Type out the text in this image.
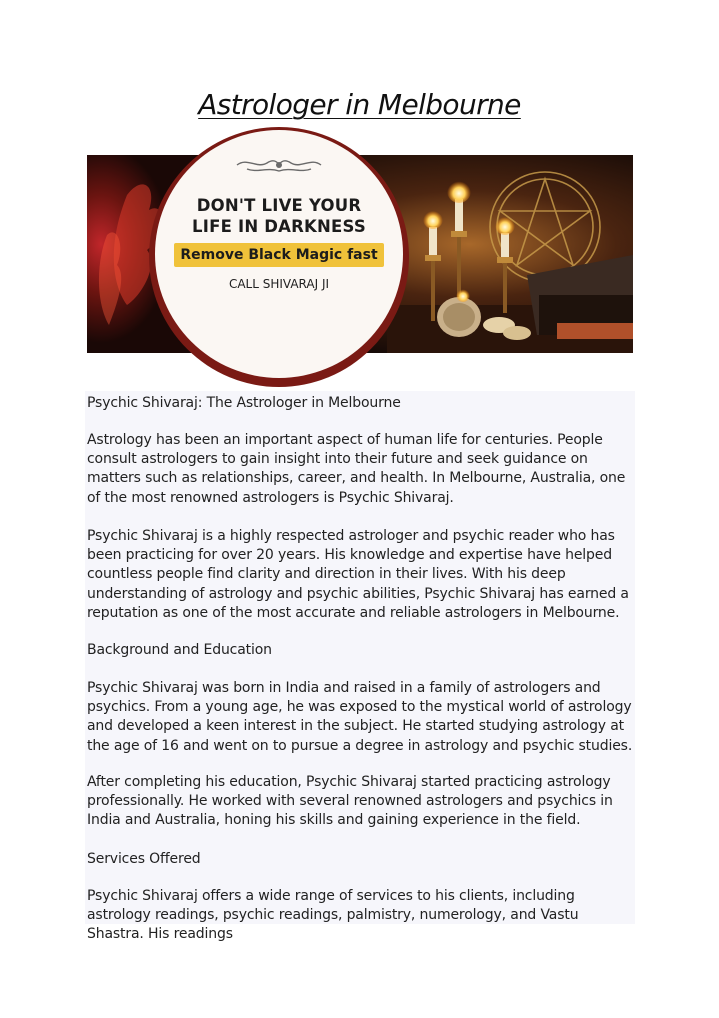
Astrologer in Melbourne
DON'T LIVE YOUR
LIFE IN DARKNESS
Remove Black Magic fast
CALL SHIVARAJ JI

Psychic Shivaraj: The Astrologer in Melbourne

Astrology has been an important aspect of human life for centuries. People consult astrologers to gain insight into their future and seek guidance on matters such as relationships, career, and health. In Melbourne, Australia, one of the most renowned astrologers is Psychic Shivaraj.

Psychic Shivaraj is a highly respected astrologer and psychic reader who has been practicing for over 20 years. His knowledge and expertise have helped countless people find clarity and direction in their lives. With his deep understanding of astrology and psychic abilities, Psychic Shivaraj has earned a reputation as one of the most accurate and reliable astrologers in Melbourne.

Background and Education

Psychic Shivaraj was born in India and raised in a family of astrologers and psychics. From a young age, he was exposed to the mystical world of astrology and developed a keen interest in the subject. He started studying astrology at the age of 16 and went on to pursue a degree in astrology and psychic studies.

After completing his education, Psychic Shivaraj started practicing astrology professionally. He worked with several renowned astrologers and psychics in India and Australia, honing his skills and gaining experience in the field.

Services Offered

Psychic Shivaraj offers a wide range of services to his clients, including astrology readings, psychic readings, palmistry, numerology, and Vastu Shastra. His readings
